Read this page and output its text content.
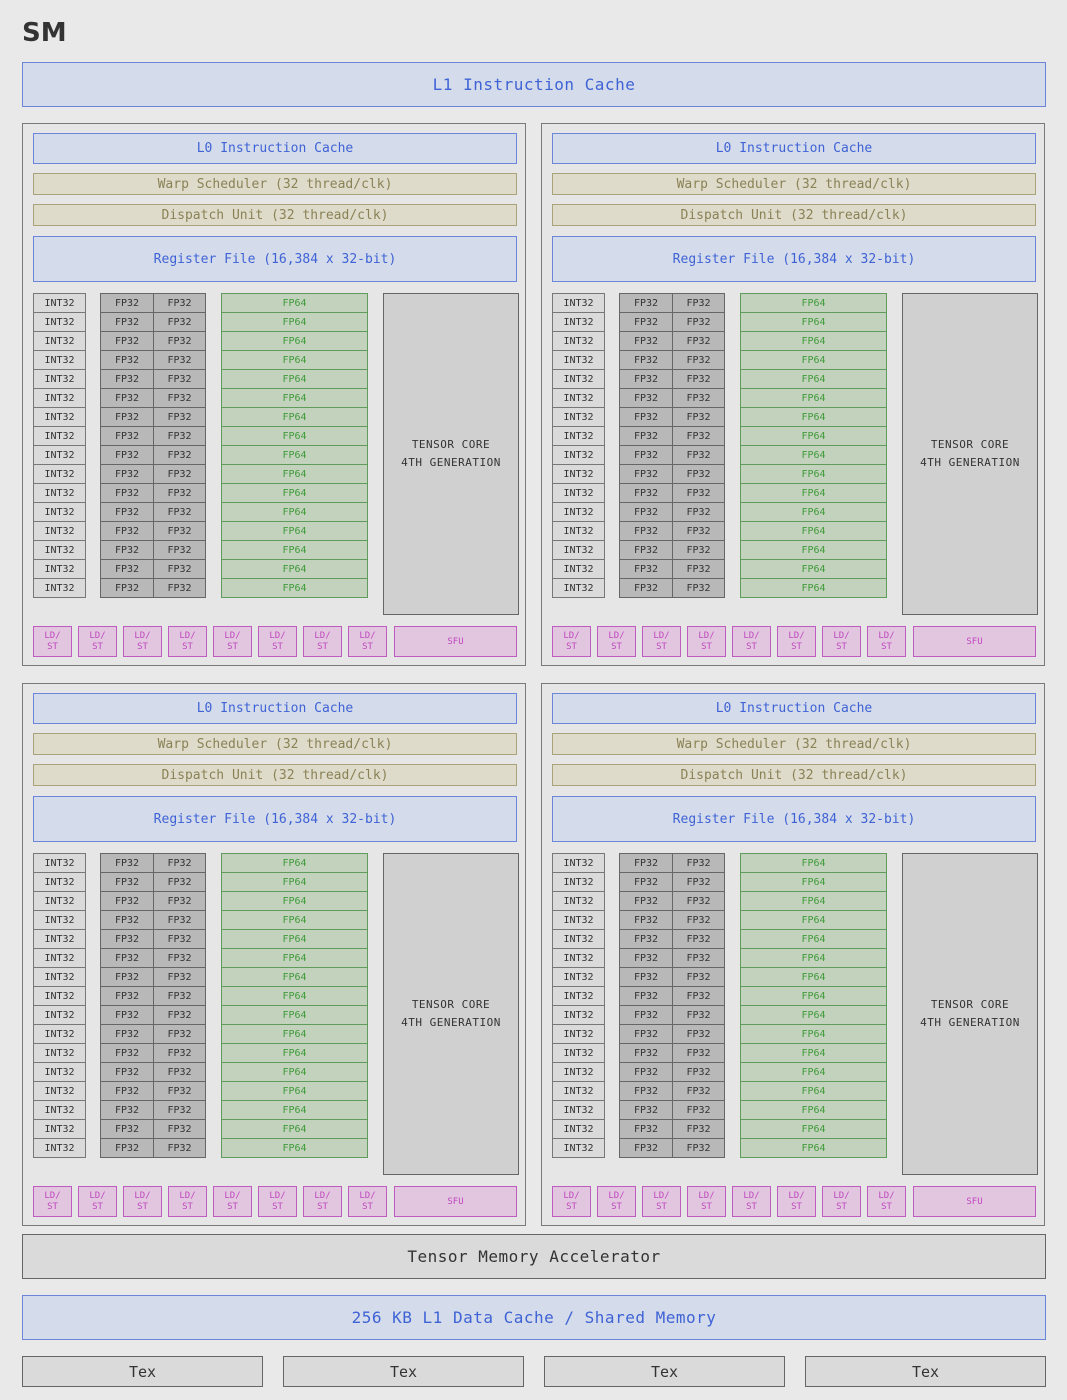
SM
L1 Instruction Cache
L0 Instruction Cache
Warp Scheduler (32 thread/clk)
Dispatch Unit (32 thread/clk)
Register File (16,384 x 32-bit)
INT32
INT32
INT32
INT32
INT32
INT32
INT32
INT32
INT32
INT32
INT32
INT32
INT32
INT32
INT32
INT32
FP32
FP32
FP32
FP32
FP32
FP32
FP32
FP32
FP32
FP32
FP32
FP32
FP32
FP32
FP32
FP32
FP32
FP32
FP32
FP32
FP32
FP32
FP32
FP32
FP32
FP32
FP32
FP32
FP32
FP32
FP32
FP32
FP64
FP64
FP64
FP64
FP64
FP64
FP64
FP64
FP64
FP64
FP64
FP64
FP64
FP64
FP64
FP64
TENSOR CORE
4TH GENERATION
LD/
ST
LD/
ST
LD/
ST
LD/
ST
LD/
ST
LD/
ST
LD/
ST
LD/
ST	SFU
L0 Instruction Cache
Warp Scheduler (32 thread/clk)
Dispatch Unit (32 thread/clk)
Register File (16,384 x 32-bit)
INT32
INT32
INT32
INT32
INT32
INT32
INT32
INT32
INT32
INT32
INT32
INT32
INT32
INT32
INT32
INT32
FP32
FP32
FP32
FP32
FP32
FP32
FP32
FP32
FP32
FP32
FP32
FP32
FP32
FP32
FP32
FP32
FP32
FP32
FP32
FP32
FP32
FP32
FP32
FP32
FP32
FP32
FP32
FP32
FP32
FP32
FP32
FP32
FP64
FP64
FP64
FP64
FP64
FP64
FP64
FP64
FP64
FP64
FP64
FP64
FP64
FP64
FP64
FP64
TENSOR CORE
4TH GENERATION
LD/
ST
LD/
ST
LD/
ST
LD/
ST
LD/
ST
LD/
ST
LD/
ST
LD/
ST	SFU
L0 Instruction Cache
Warp Scheduler (32 thread/clk)
Dispatch Unit (32 thread/clk)
Register File (16,384 x 32-bit)
INT32
INT32
INT32
INT32
INT32
INT32
INT32
INT32
INT32
INT32
INT32
INT32
INT32
INT32
INT32
INT32
FP32
FP32
FP32
FP32
FP32
FP32
FP32
FP32
FP32
FP32
FP32
FP32
FP32
FP32
FP32
FP32
FP32
FP32
FP32
FP32
FP32
FP32
FP32
FP32
FP32
FP32
FP32
FP32
FP32
FP32
FP32
FP32
FP64
FP64
FP64
FP64
FP64
FP64
FP64
FP64
FP64
FP64
FP64
FP64
FP64
FP64
FP64
FP64
TENSOR CORE
4TH GENERATION
LD/
ST
LD/
ST
LD/
ST
LD/
ST
LD/
ST
LD/
ST
LD/
ST
LD/
ST	SFU
L0 Instruction Cache
Warp Scheduler (32 thread/clk)
Dispatch Unit (32 thread/clk)
Register File (16,384 x 32-bit)
INT32
INT32
INT32
INT32
INT32
INT32
INT32
INT32
INT32
INT32
INT32
INT32
INT32
INT32
INT32
INT32
FP32
FP32
FP32
FP32
FP32
FP32
FP32
FP32
FP32
FP32
FP32
FP32
FP32
FP32
FP32
FP32
FP32
FP32
FP32
FP32
FP32
FP32
FP32
FP32
FP32
FP32
FP32
FP32
FP32
FP32
FP32
FP32
FP64
FP64
FP64
FP64
FP64
FP64
FP64
FP64
FP64
FP64
FP64
FP64
FP64
FP64
FP64
FP64
TENSOR CORE
4TH GENERATION
LD/
ST
LD/
ST
LD/
ST
LD/
ST
LD/
ST
LD/
ST
LD/
ST
LD/
ST	SFU
Tensor Memory Accelerator
256 KB L1 Data Cache / Shared Memory
Tex	Tex	Tex	Tex
